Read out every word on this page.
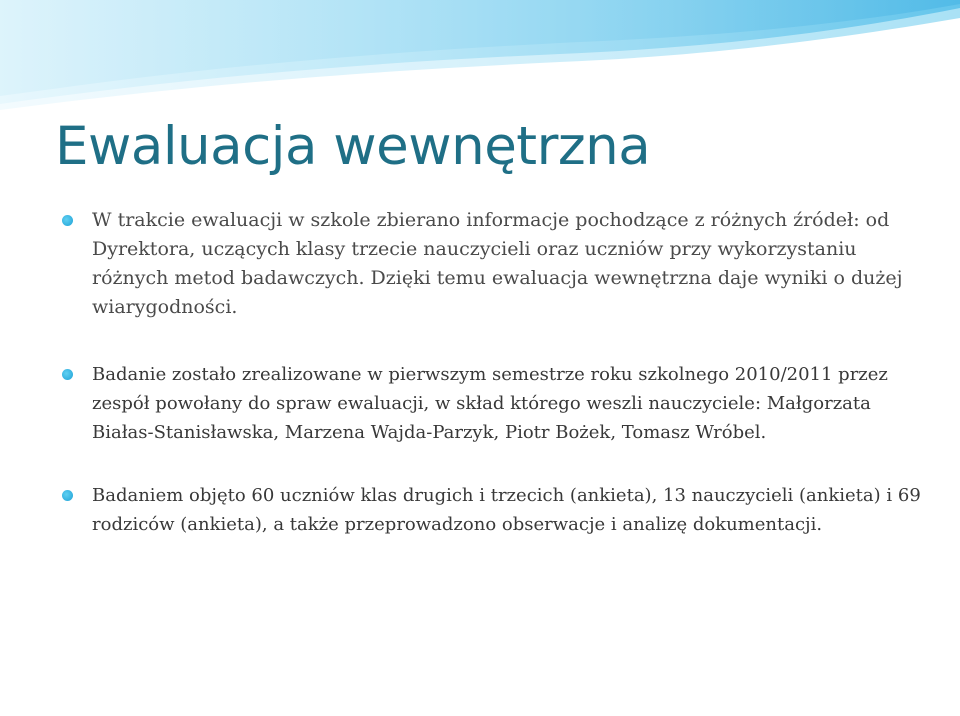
Ewaluacja wewnętrzna
W trakcie ewaluacji w szkole zbierano informacje pochodzące z różnych źródeł: od Dyrektora, uczących klasy trzecie nauczycieli oraz uczniów przy wykorzystaniu różnych metod badawczych. Dzięki temu ewaluacja wewnętrzna daje wyniki o dużej wiarygodności.
Badanie zostało zrealizowane w pierwszym semestrze roku szkolnego 2010/2011 przez zespół powołany do spraw ewaluacji, w skład którego weszli nauczyciele: Małgorzata Białas-Stanisławska, Marzena Wajda-Parzyk, Piotr Bożek, Tomasz Wróbel.
Badaniem objęto 60 uczniów klas drugich i trzecich (ankieta), 13 nauczycieli (ankieta) i 69 rodziców (ankieta), a także przeprowadzono obserwacje i analizę dokumentacji.
